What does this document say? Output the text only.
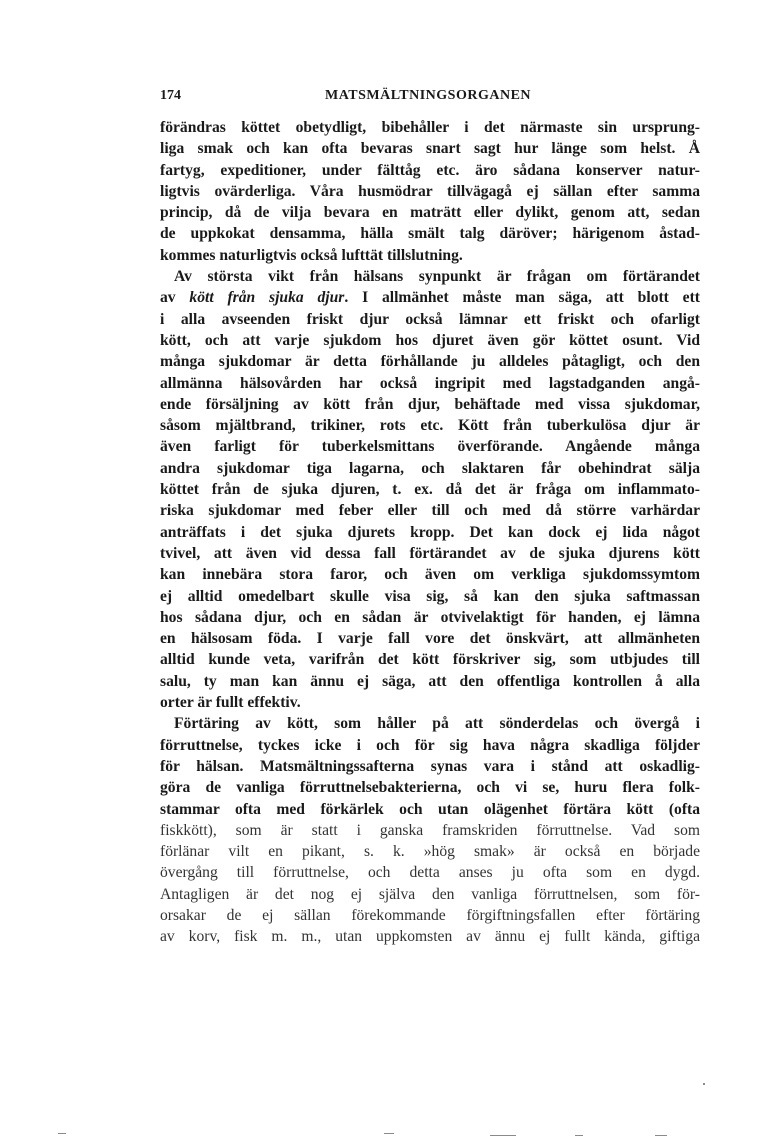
174	MATSMÄLTNINGSORGANEN
förändras köttet obetydligt, bibehåller i det närmaste sin ursprung-
liga smak och kan ofta bevaras snart sagt hur länge som helst. Å
fartyg, expeditioner, under fälttåg etc. äro sådana konserver natur-
ligtvis ovärderliga. Våra husmödrar tillvägagå ej sällan efter samma
princip, då de vilja bevara en maträtt eller dylikt, genom att, sedan
de uppkokat densamma, hälla smält talg däröver; härigenom åstad-
kommes naturligtvis också lufttät tillslutning.
Av största vikt från hälsans synpunkt är frågan om förtärandet
av kött från sjuka djur. I allmänhet måste man säga, att blott ett
i alla avseenden friskt djur också lämnar ett friskt och ofarligt
kött, och att varje sjukdom hos djuret även gör köttet osunt. Vid
många sjukdomar är detta förhållande ju alldeles påtagligt, och den
allmänna hälsovården har också ingripit med lagstadganden angå-
ende försäljning av kött från djur, behäftade med vissa sjukdomar,
såsom mjältbrand, trikiner, rots etc. Kött från tuberkulösa djur är
även farligt för tuberkelsmittans överförande. Angående många
andra sjukdomar tiga lagarna, och slaktaren får obehindrat sälja
köttet från de sjuka djuren, t. ex. då det är fråga om inflammato-
riska sjukdomar med feber eller till och med då större varhärdar
anträffats i det sjuka djurets kropp. Det kan dock ej lida något
tvivel, att även vid dessa fall förtärandet av de sjuka djurens kött
kan innebära stora faror, och även om verkliga sjukdomssymtom
ej alltid omedelbart skulle visa sig, så kan den sjuka saftmassan
hos sådana djur, och en sådan är otvivelaktigt för handen, ej lämna
en hälsosam föda. I varje fall vore det önskvärt, att allmänheten
alltid kunde veta, varifrån det kött förskriver sig, som utbjudes till
salu, ty man kan ännu ej säga, att den offentliga kontrollen å alla
orter är fullt effektiv.
Förtäring av kött, som håller på att sönderdelas och övergå i
förruttnelse, tyckes icke i och för sig hava några skadliga följder
för hälsan. Matsmältningssafterna synas vara i stånd att oskadlig-
göra de vanliga förruttnelsebakterierna, och vi se, huru flera folk-
stammar ofta med förkärlek och utan olägenhet förtära kött (ofta
fiskkött), som är statt i ganska framskriden förruttnelse. Vad som
förlänar vilt en pikant, s. k. »hög smak» är också en började
övergång till förruttnelse, och detta anses ju ofta som en dygd.
Antagligen är det nog ej själva den vanliga förruttnelsen, som för-
orsakar de ej sällan förekommande förgiftningsfallen efter förtäring
av korv, fisk m. m., utan uppkomsten av ännu ej fullt kända, giftiga
